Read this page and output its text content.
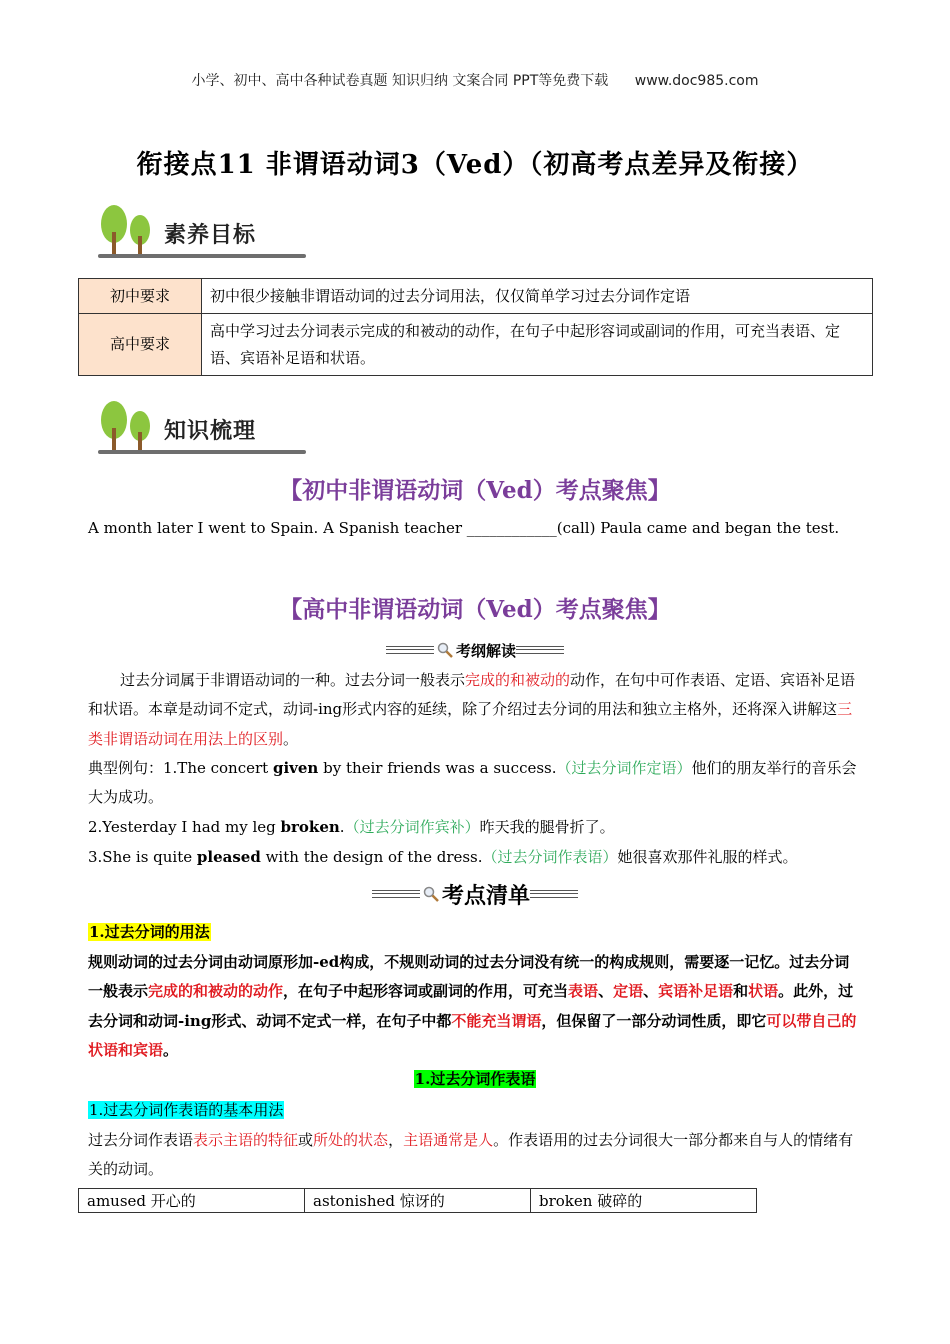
小学、初中、高中各种试卷真题 知识归纳 文案合同 PPT等免费下载 www.doc985.com
衔接点11 非谓语动词3（Ved）（初高考点差异及衔接）
素养目标
初中要求	初中很少接触非谓语动词的过去分词用法，仅仅简单学习过去分词作定语
高中要求	高中学习过去分词表示完成的和被动的动作，在句子中起形容词或副词的作用，可充当表语、定语、宾语补足语和状语。
知识梳理
【初中非谓语动词（Ved）考点聚焦】
A month later I went to Spain. A Spanish teacher ____________(call) Paula came and began the test.
【高中非谓语动词（Ved）考点聚焦】
考纲解读
过去分词属于非谓语动词的一种。过去分词一般表示完成的和被动的动作，在句中可作表语、定语、宾语补足语和状语。本章是动词不定式，动词-ing形式内容的延续，除了介绍过去分词的用法和独立主格外，还将深入讲解这三类非谓语动词在用法上的区别。
典型例句：1.The concert given by their friends was a success.（过去分词作定语）他们的朋友举行的音乐会大为成功。
2.Yesterday I had my leg broken.（过去分词作宾补）昨天我的腿骨折了。
3.She is quite pleased with the design of the dress.（过去分词作表语）她很喜欢那件礼服的样式。
考点清单
1.过去分词的用法
规则动词的过去分词由动词原形加-ed构成，不规则动词的过去分词没有统一的构成规则，需要逐一记忆。过去分词一般表示完成的和被动的动作，在句子中起形容词或副词的作用，可充当表语、定语、宾语补足语和状语。此外，过去分词和动词-ing形式、动词不定式一样，在句子中都不能充当谓语，但保留了一部分动词性质，即它可以带自己的状语和宾语。
1.过去分词作表语
1.过去分词作表语的基本用法
过去分词作表语表示主语的特征或所处的状态，主语通常是人。作表语用的过去分词很大一部分都来自与人的情绪有关的动词。
amused 开心的	astonished 惊讶的	broken 破碎的
